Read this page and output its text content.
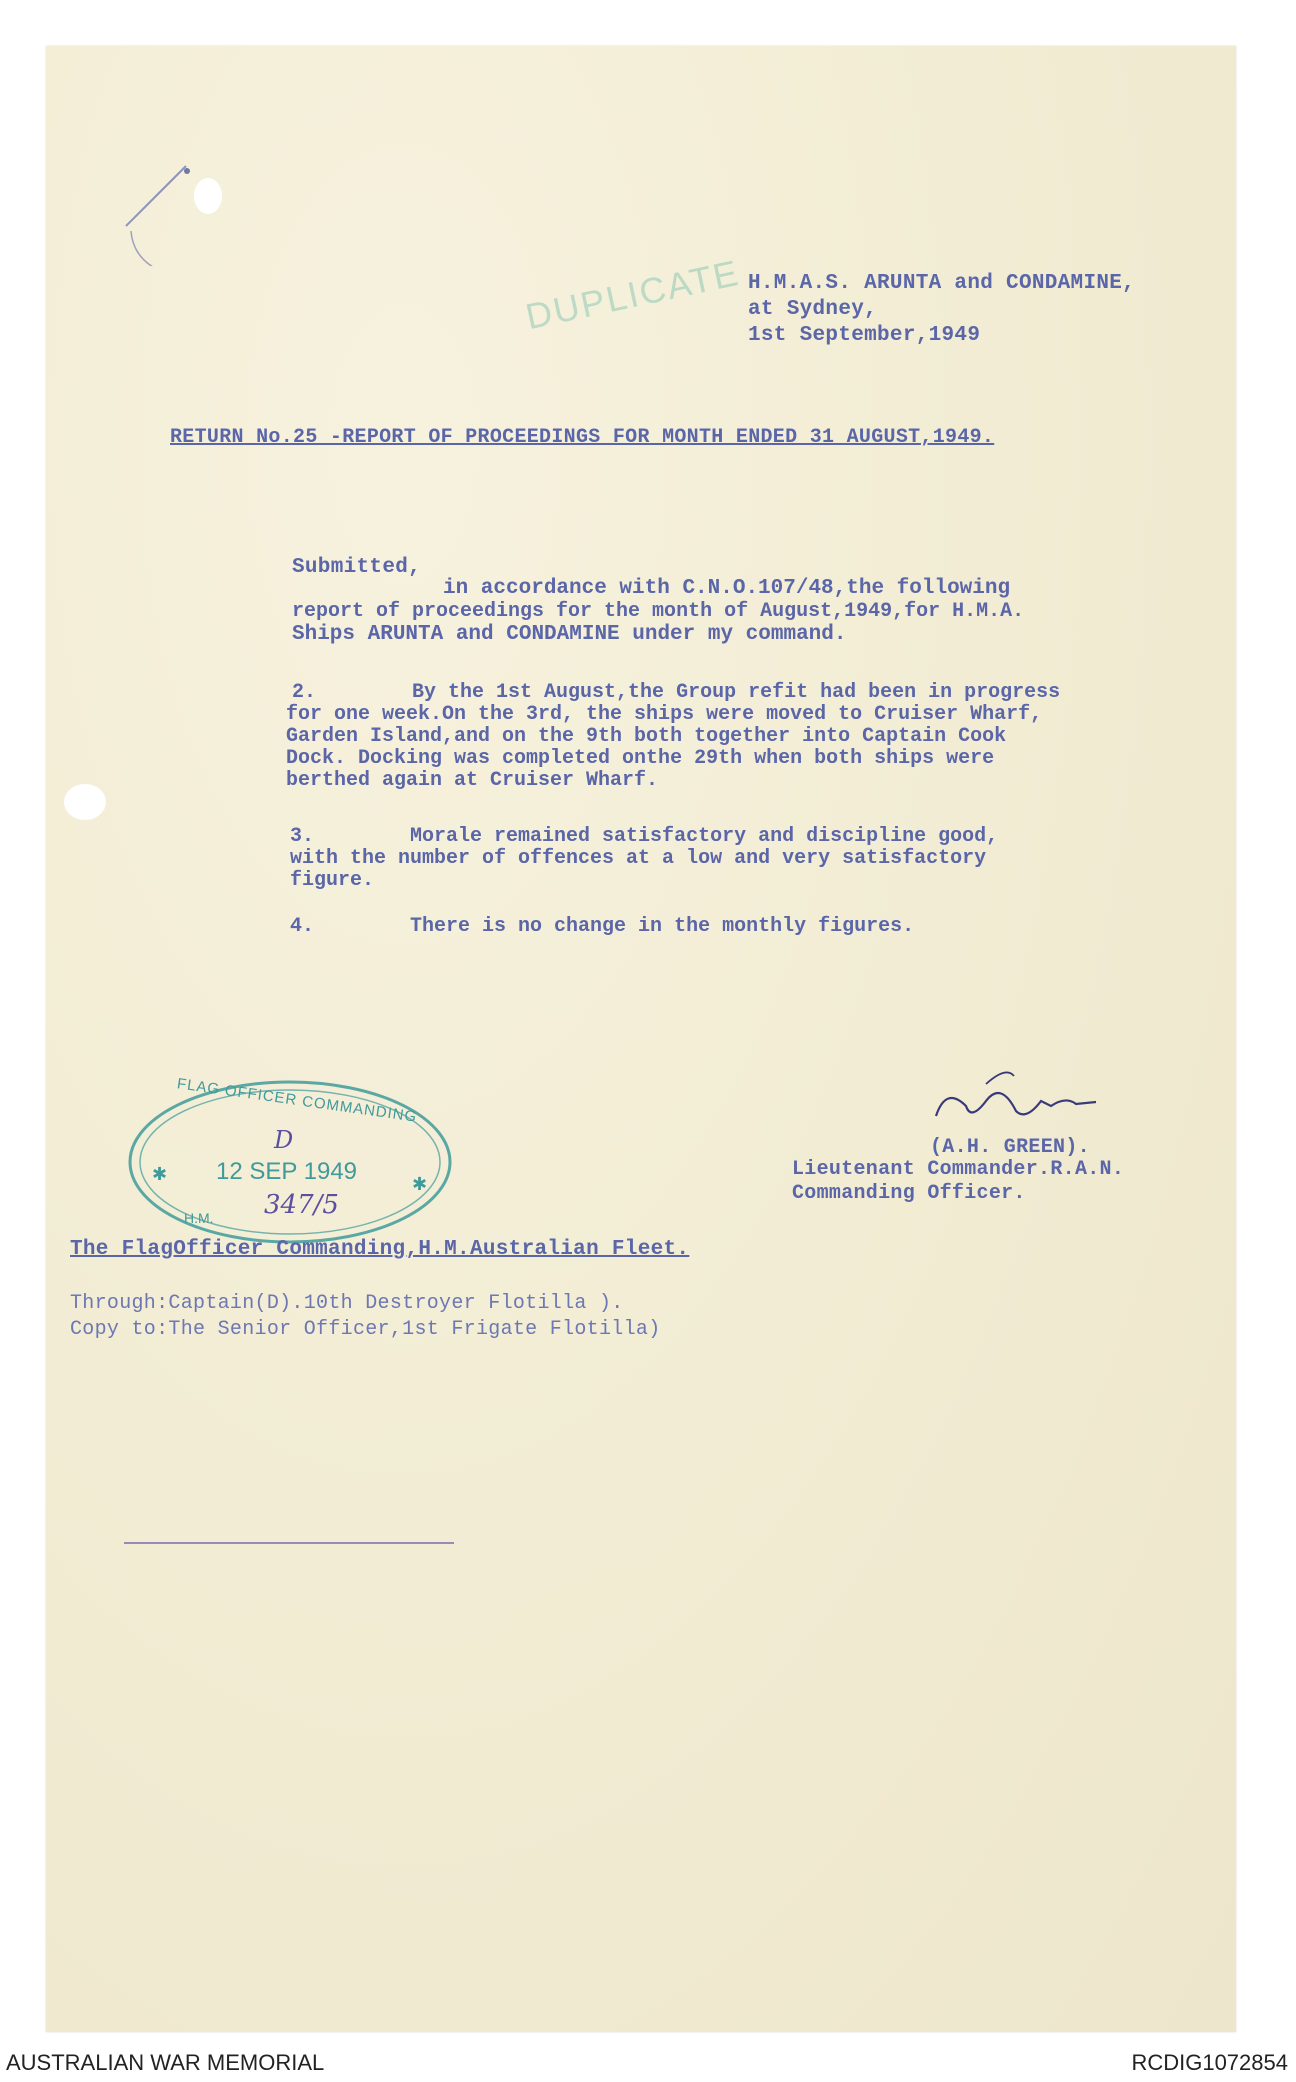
DUPLICATE H.M.A.S. ARUNTA and CONDAMINE,
at Sydney,
1st September,1949
RETURN No.25 -REPORT OF PROCEEDINGS FOR MONTH ENDED 31 AUGUST,1949.
Submitted,
in accordance with C.N.O.107/48,the following
report of proceedings for the month of August,1949,for H.M.A.
Ships ARUNTA and CONDAMINE under my command.
2.        By the 1st August,the Group refit had been in progress
for one week.On the 3rd, the ships were moved to Cruiser Wharf,
Garden Island,and on the 9th both together into Captain Cook
Dock. Docking was completed onthe 29th when both ships were
berthed again at Cruiser Wharf.
3.        Morale remained satisfactory and discipline good,
with the number of offences at a low and very satisfactory
figure.
4.        There is no change in the monthly figures.
✱	✱
FLAG OFFICER COMMANDING
D
12 SEP 1949
347/5
H.M.
(A.H. GREEN).
Lieutenant Commander.R.A.N.
Commanding Officer.
The FlagOfficer Commanding,H.M.Australian Fleet.
Through:Captain(D).10th Destroyer Flotilla ).
Copy to:The Senior Officer,1st Frigate Flotilla)
AUSTRALIAN WAR MEMORIAL	RCDIG1072854
